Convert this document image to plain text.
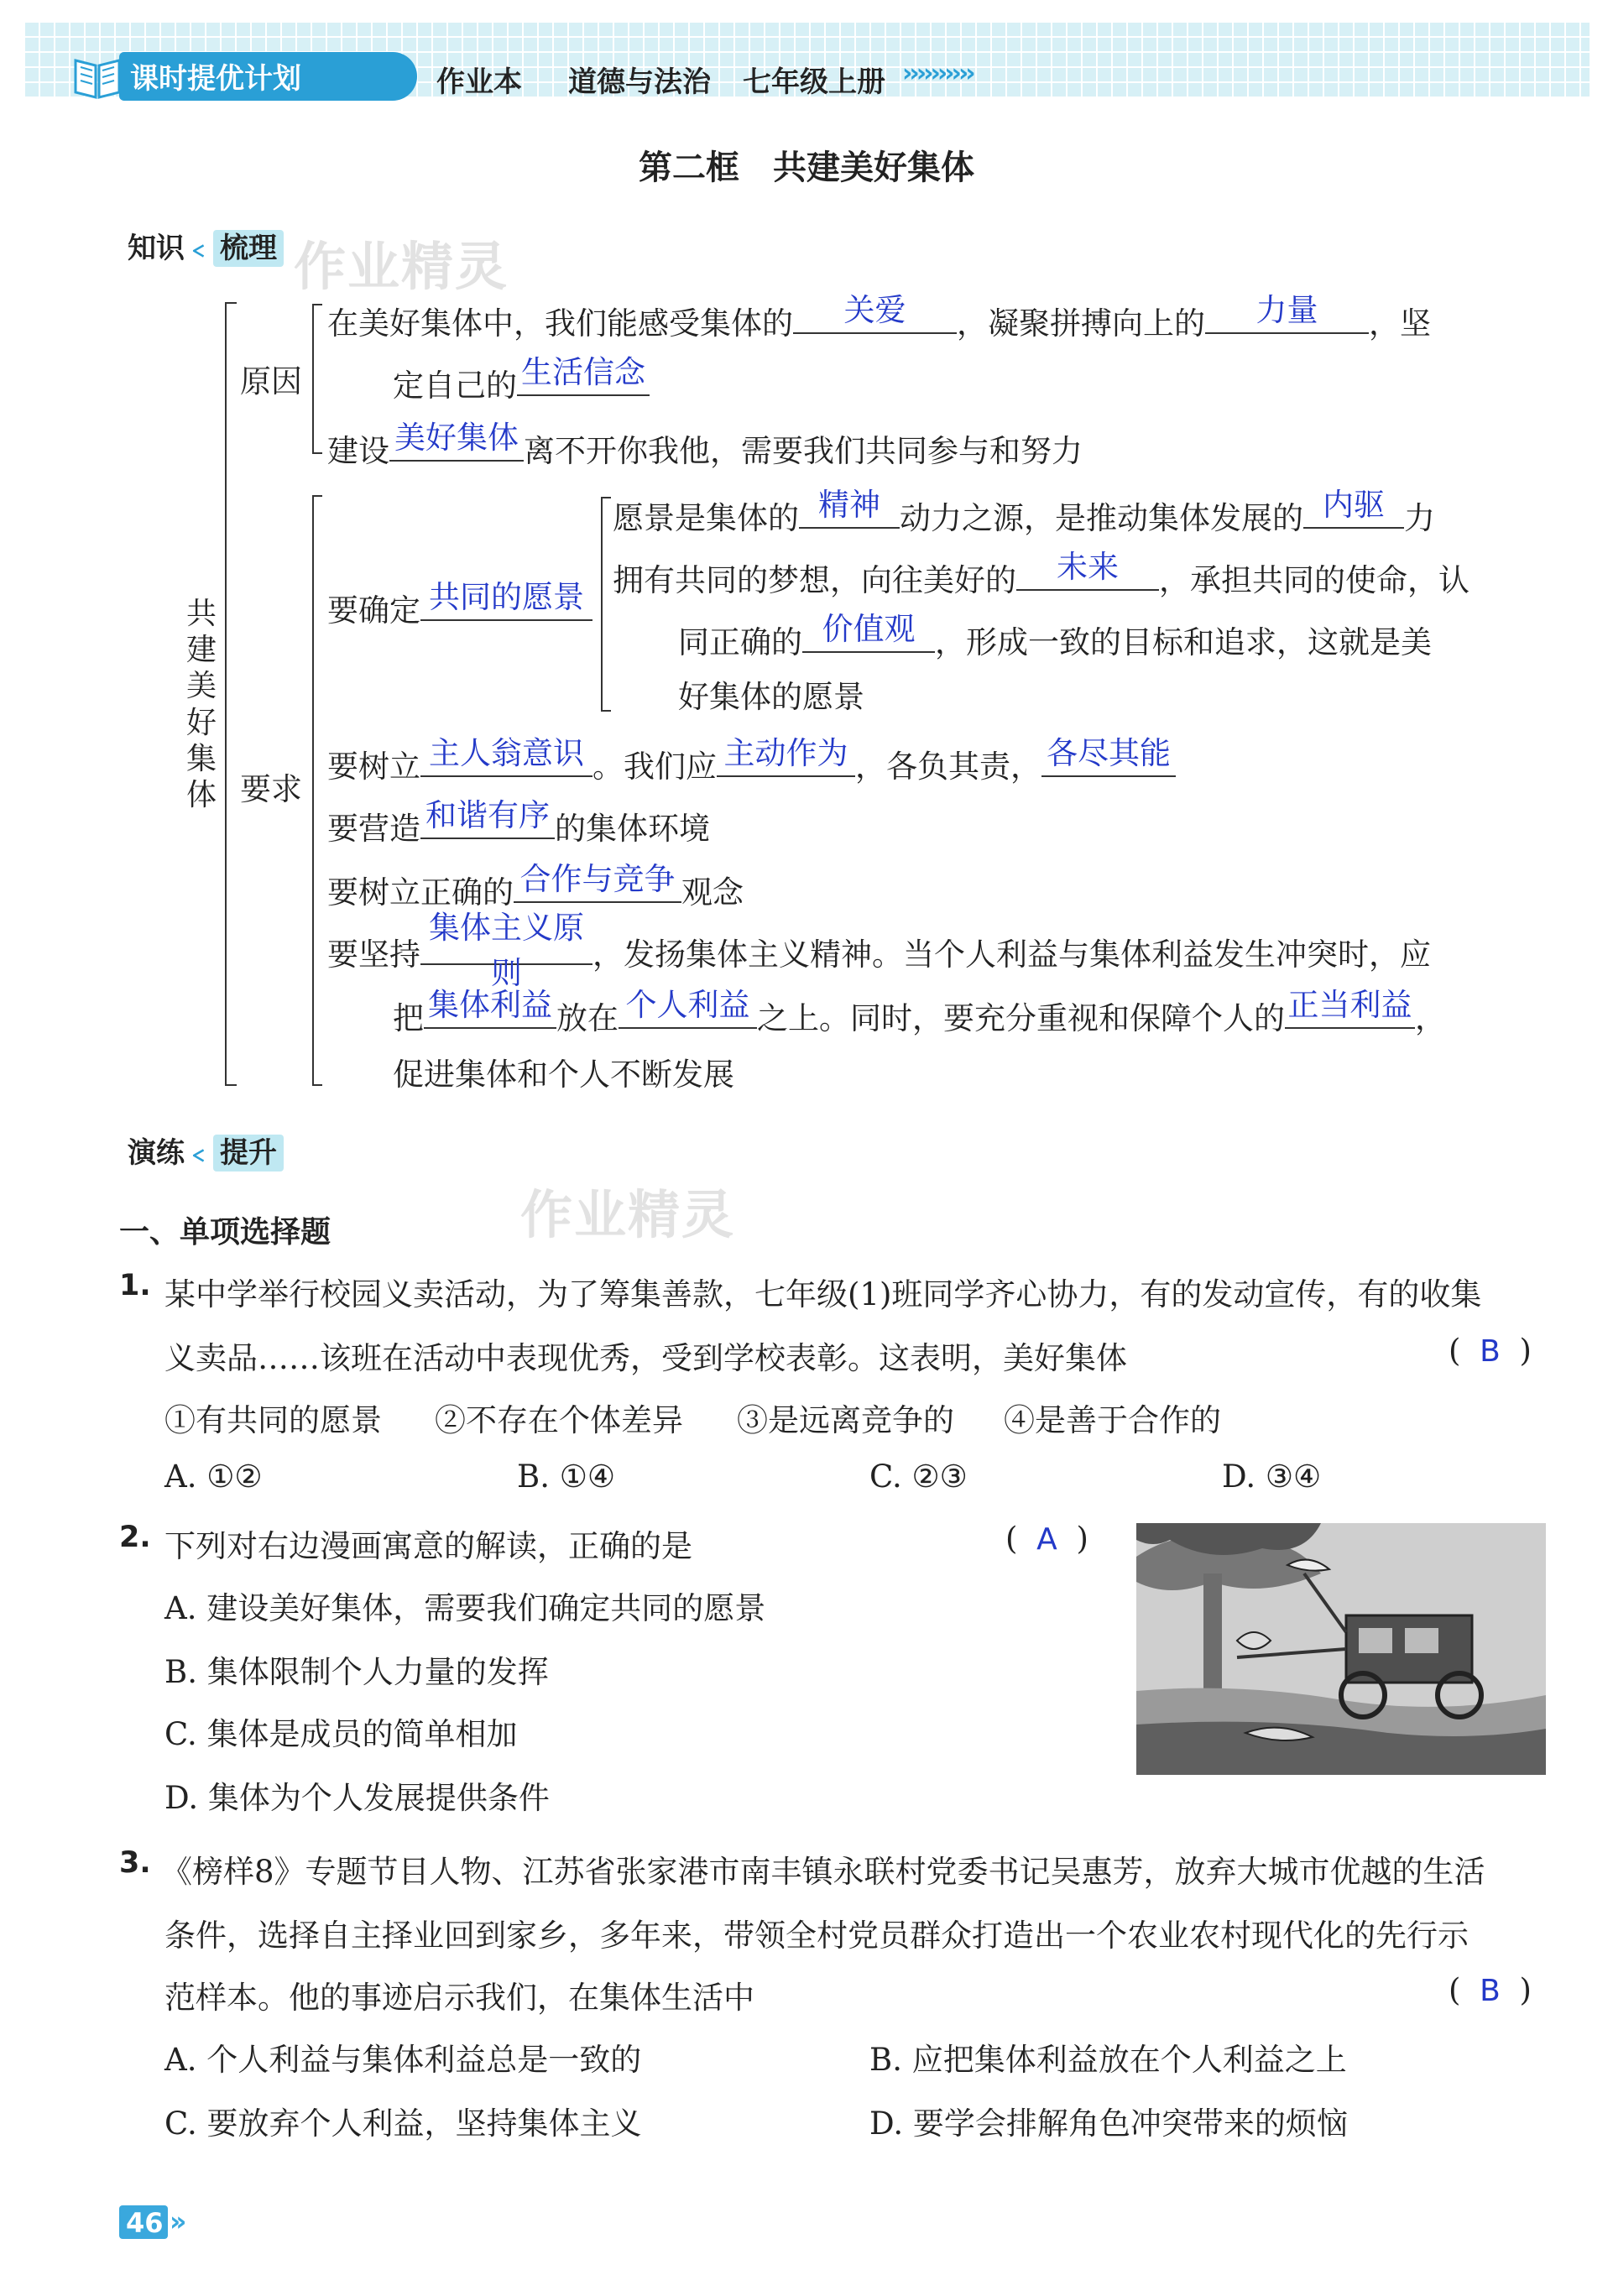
课时提优计划	作业本 道德与法治 七年级上册 ››››››››››
第二框　共建美好集体
知识﹤ 梳理 作业精灵
共建美好集体
原因
在美好集体中，我们能感受集体的	关爱	，凝聚拼搏向上的	力量	，坚
定自己的 生活信念
建设 美好集体 离不开你我他，需要我们共同参与和努力
要求
要确定 共同的愿景
愿景是集体的 精神 动力之源，是推动集体发展的 内驱 力
拥有共同的梦想，向往美好的	未来	，承担共同的使命，认
同正确的 价值观 ，形成一致的目标和追求，这就是美
好集体的愿景
要树立 主人翁意识 。我们应 主动作为 ，各负其责， 各尽其能
要营造 和谐有序 的集体环境
要树立正确的 合作与竞争 观念
要坚持
集体主义原
则
，发扬集体主义精神。当个人利益与集体利益发生冲突时，应
把 集体利益 放在 个人利益 之上。同时，要充分重视和保障个人的 正当利益 ，
促进集体和个人不断发展
演练﹤ 提升
作业精灵
一、单项选择题
1. 某中学举行校园义卖活动，为了筹集善款，七年级(1)班同学齐心协力，有的发动宣传，有的收集
义卖品……该班在活动中表现优秀，受到学校表彰。这表明，美好集体	( B )
①有共同的愿景 ②不存在个体差异 ③是远离竞争的 ④是善于合作的
A. ①②	B. ①④	C. ②③	D. ③④
2. 下列对右边漫画寓意的解读，正确的是	( A )
A. 建设美好集体，需要我们确定共同的愿景
B. 集体限制个人力量的发挥
C. 集体是成员的简单相加
D. 集体为个人发展提供条件
3. 《榜样8》专题节目人物、江苏省张家港市南丰镇永联村党委书记吴惠芳，放弃大城市优越的生活
条件，选择自主择业回到家乡，多年来，带领全村党员群众打造出一个农业农村现代化的先行示
范样本。他的事迹启示我们，在集体生活中	( B )
A. 个人利益与集体利益总是一致的	B. 应把集体利益放在个人利益之上
C. 要放弃个人利益，坚持集体主义	D. 要学会排解角色冲突带来的烦恼
46 ››
